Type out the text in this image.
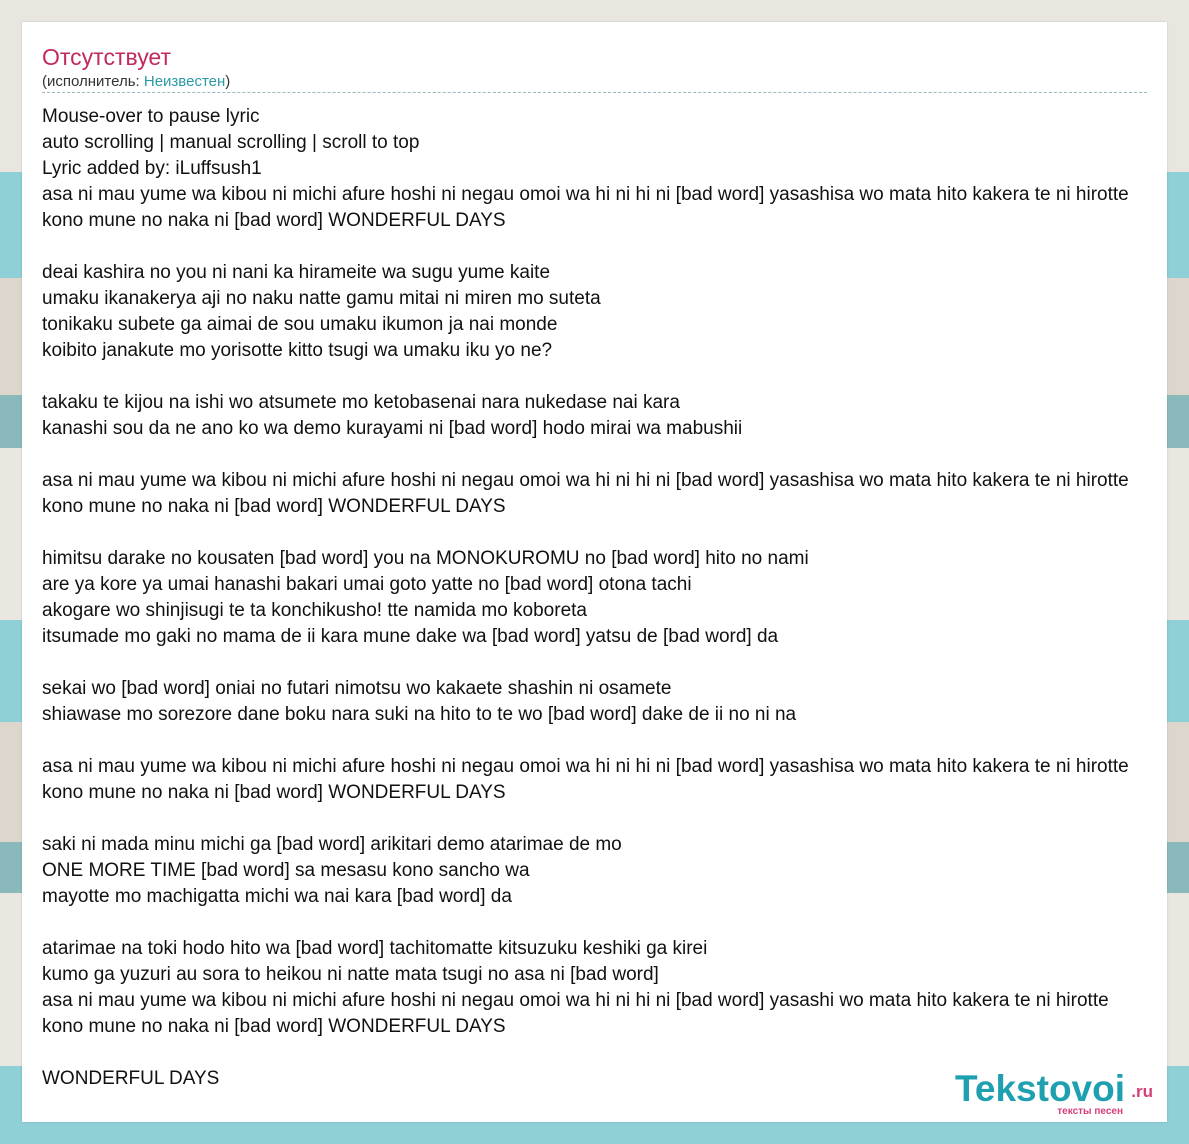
Отсутствует
(исполнитель: Неизвестен)
Mouse-over to pause lyric
auto scrolling | manual scrolling | scroll to top
Lyric added by: iLuffsush1
asa ni mau yume wa kibou ni michi afure hoshi ni negau omoi wa hi ni hi ni [bad word] yasashisa wo mata hito kakera te ni hirotte
kono mune no naka ni [bad word] WONDERFUL DAYS
deai kashira no you ni nani ka hirameite wa sugu yume kaite
umaku ikanakerya aji no naku natte gamu mitai ni miren mo suteta
tonikaku subete ga aimai de sou umaku ikumon ja nai monde
koibito janakute mo yorisotte kitto tsugi wa umaku iku yo ne?
takaku te kijou na ishi wo atsumete mo ketobasenai nara nukedase nai kara
kanashi sou da ne ano ko wa demo kurayami ni [bad word] hodo mirai wa mabushii
asa ni mau yume wa kibou ni michi afure hoshi ni negau omoi wa hi ni hi ni [bad word] yasashisa wo mata hito kakera te ni hirotte
kono mune no naka ni [bad word] WONDERFUL DAYS
himitsu darake no kousaten [bad word] you na MONOKUROMU no [bad word] hito no nami
are ya kore ya umai hanashi bakari umai goto yatte no [bad word] otona tachi
akogare wo shinjisugi te ta konchikusho! tte namida mo koboreta
itsumade mo gaki no mama de ii kara mune dake wa [bad word] yatsu de [bad word] da
sekai wo [bad word] oniai no futari nimotsu wo kakaete shashin ni osamete
shiawase mo sorezore dane boku nara suki na hito to te wo [bad word] dake de ii no ni na
asa ni mau yume wa kibou ni michi afure hoshi ni negau omoi wa hi ni hi ni [bad word] yasashisa wo mata hito kakera te ni hirotte
kono mune no naka ni [bad word] WONDERFUL DAYS
saki ni mada minu michi ga [bad word] arikitari demo atarimae de mo
ONE MORE TIME [bad word] sa mesasu kono sancho wa
mayotte mo machigatta michi wa nai kara [bad word] da
atarimae na toki hodo hito wa [bad word] tachitomatte kitsuzuku keshiki ga kirei
kumo ga yuzuri au sora to heikou ni natte mata tsugi no asa ni [bad word]
asa ni mau yume wa kibou ni michi afure hoshi ni negau omoi wa hi ni hi ni [bad word] yasashi wo mata hito kakera te ni hirotte
kono mune no naka ni [bad word] WONDERFUL DAYS
WONDERFUL DAYS	Tekstovoi .ru
тексты песен
